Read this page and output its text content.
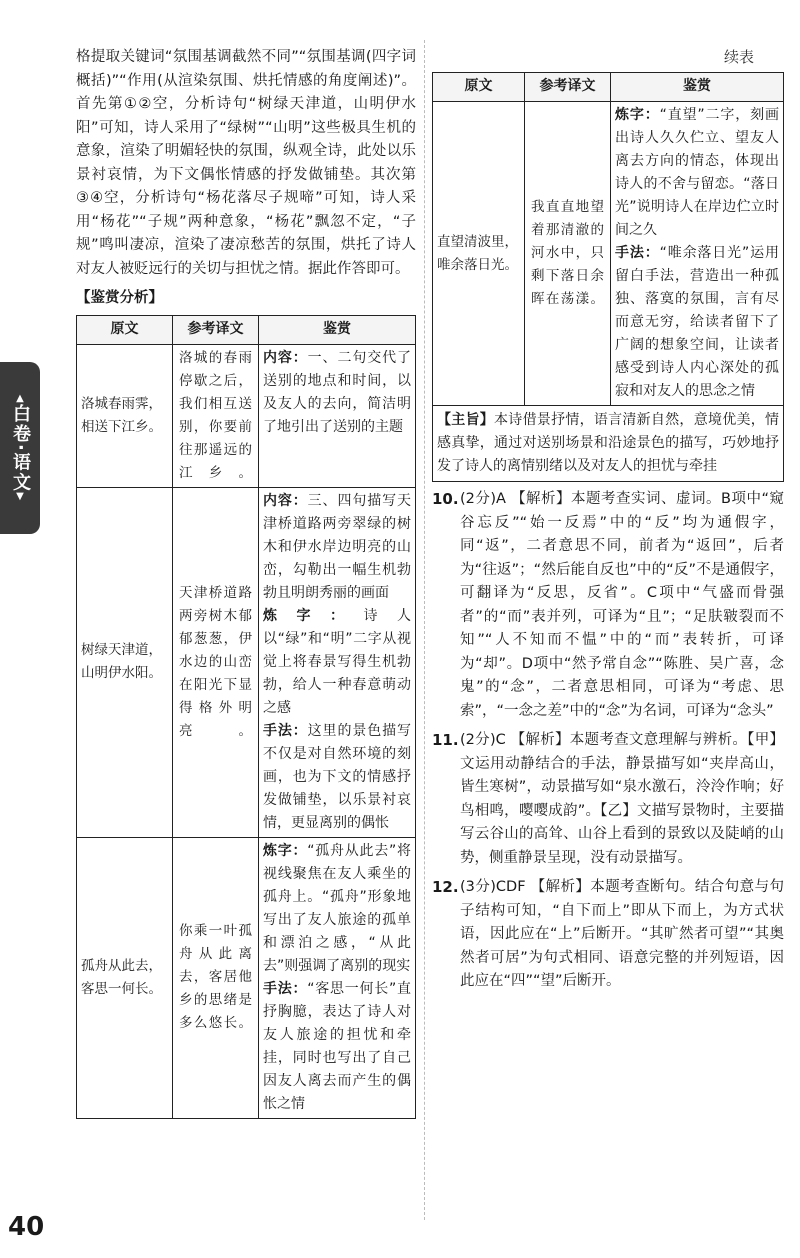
▲
白卷·语文
▼

格提取关键词“氛围基调截然不同”“氛围基调(四字词概括)”“作用(从渲染氛围、烘托情感的角度阐述)”。首先第①②空，分析诗句“树绿天津道，山明伊水阳”可知，诗人采用了“绿树”“山明”这些极具生机的意象，渲染了明媚轻快的氛围，纵观全诗，此处以乐景衬哀情，为下文偶怅情感的抒发做铺垫。其次第③④空，分析诗句“杨花落尽子规啼”可知，诗人采用“杨花”“子规”两种意象，“杨花”飘忽不定，“子规”鸣叫凄凉，渲染了凄凉愁苦的氛围，烘托了诗人对友人被贬远行的关切与担忧之情。据此作答即可。

【鉴赏分析】
原文	参考译文	鉴赏
洛城春雨霁，相送下江乡。	洛城的春雨停歇之后，我们相互送别，你要前往那遥远的江乡。	内容：一、二句交代了送别的地点和时间，以及友人的去向，简洁明了地引出了送别的主题
树绿天津道，山明伊水阳。	天津桥道路两旁树木郁郁葱葱，伊水边的山峦在阳光下显得格外明亮。	内容：三、四句描写天津桥道路两旁翠绿的树木和伊水岸边明亮的山峦，勾勒出一幅生机勃勃且明朗秀丽的画面
炼字：诗人以“绿”和“明”二字从视觉上将春景写得生机勃勃，给人一种春意萌动之感
手法：这里的景色描写不仅是对自然环境的刻画，也为下文的情感抒发做铺垫，以乐景衬哀情，更显离别的偶怅

孤舟从此去，客思一何长。	你乘一叶孤舟从此离去，客居他乡的思绪是多么悠长。	炼字：“孤舟从此去”将视线聚焦在友人乘坐的孤舟上。“孤舟”形象地写出了友人旅途的孤单和漂泊之感，“从此去”则强调了离别的现实
手法：“客思一何长”直抒胸臆，表达了诗人对友人旅途的担忧和牵挂，同时也写出了自己因友人离去而产生的偶怅之情
续表
原文	参考译文	鉴赏
直望清波里，唯余落日光。	我直直地望着那清澈的河水中，只剩下落日余晖在荡漾。	炼字：“直望”二字，刻画出诗人久久伫立、望友人离去方向的情态，体现出诗人的不舍与留恋。“落日光”说明诗人在岸边伫立时间之久
手法：“唯余落日光”运用留白手法，营造出一种孤独、落寞的氛围，言有尽而意无穷，给读者留下了广阔的想象空间，让读者感受到诗人内心深处的孤寂和对友人的思念之情
【主旨】本诗借景抒情，语言清新自然，意境优美，情感真挚，通过对送别场景和沿途景色的描写，巧妙地抒发了诗人的离情别绪以及对友人的担忧与牵挂
10. (2分)A 【解析】本题考查实词、虚词。B项中“窥谷忘反”“始一反焉”中的“反”均为通假字，同“返”，二者意思不同，前者为“返回”，后者为“往返”；“然后能自反也”中的“反”不是通假字，可翻译为“反思，反省”。C项中“气盛而骨强者”的“而”表并列，可译为“且”；“足肤皲裂而不知”“人不知而不愠”中的“而”表转折，可译为“却”。D项中“然予常自念”“陈胜、吴广喜，念鬼”的“念”，二者意思相同，可译为“考虑、思索”，“一念之差”中的“念”为名词，可译为“念头”
11. (2分)C 【解析】本题考查文意理解与辨析。【甲】文运用动静结合的手法，静景描写如“夹岸高山，皆生寒树”，动景描写如“泉水激石，泠泠作响；好鸟相鸣，嘤嘤成韵”。【乙】文描写景物时，主要描写云谷山的高耸、山谷上看到的景致以及陡峭的山势，侧重静景呈现，没有动景描写。
12. (3分)CDF 【解析】本题考查断句。结合句意与句子结构可知，“自下而上”即从下而上，为方式状语，因此应在“上”后断开。“其旷然者可望”“其奥然者可居”为句式相同、语意完整的并列短语，因此应在“四”“望”后断开。
40
